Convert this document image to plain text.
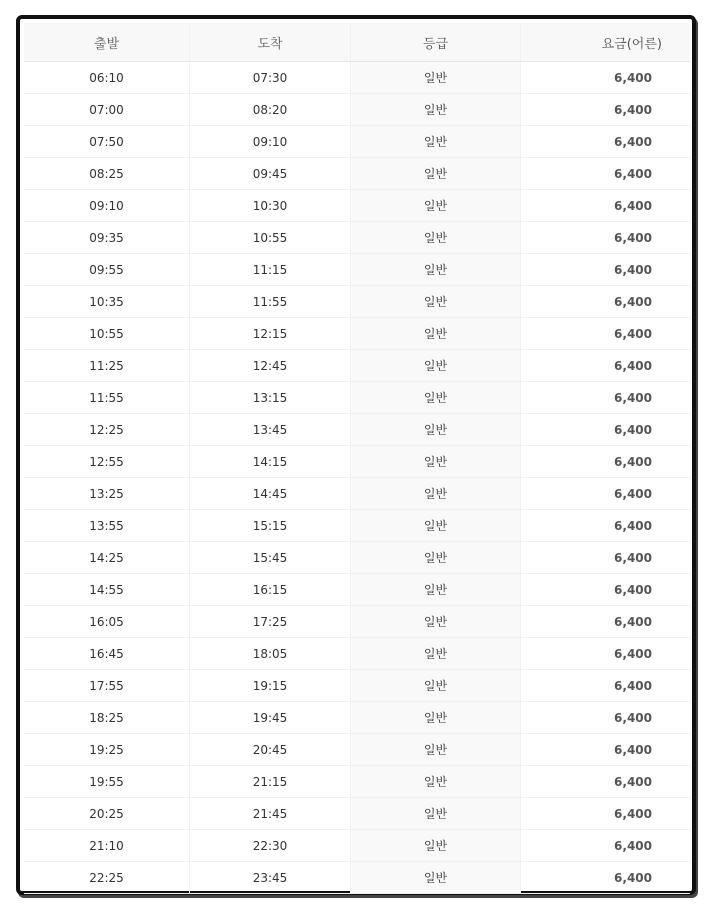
출발	도착	등급	요금(어른)
06:10	07:30	일반	6,400
07:00	08:20	일반	6,400
07:50	09:10	일반	6,400
08:25	09:45	일반	6,400
09:10	10:30	일반	6,400
09:35	10:55	일반	6,400
09:55	11:15	일반	6,400
10:35	11:55	일반	6,400
10:55	12:15	일반	6,400
11:25	12:45	일반	6,400
11:55	13:15	일반	6,400
12:25	13:45	일반	6,400
12:55	14:15	일반	6,400
13:25	14:45	일반	6,400
13:55	15:15	일반	6,400
14:25	15:45	일반	6,400
14:55	16:15	일반	6,400
16:05	17:25	일반	6,400
16:45	18:05	일반	6,400
17:55	19:15	일반	6,400
18:25	19:45	일반	6,400
19:25	20:45	일반	6,400
19:55	21:15	일반	6,400
20:25	21:45	일반	6,400
21:10	22:30	일반	6,400
22:25	23:45	일반	6,400
